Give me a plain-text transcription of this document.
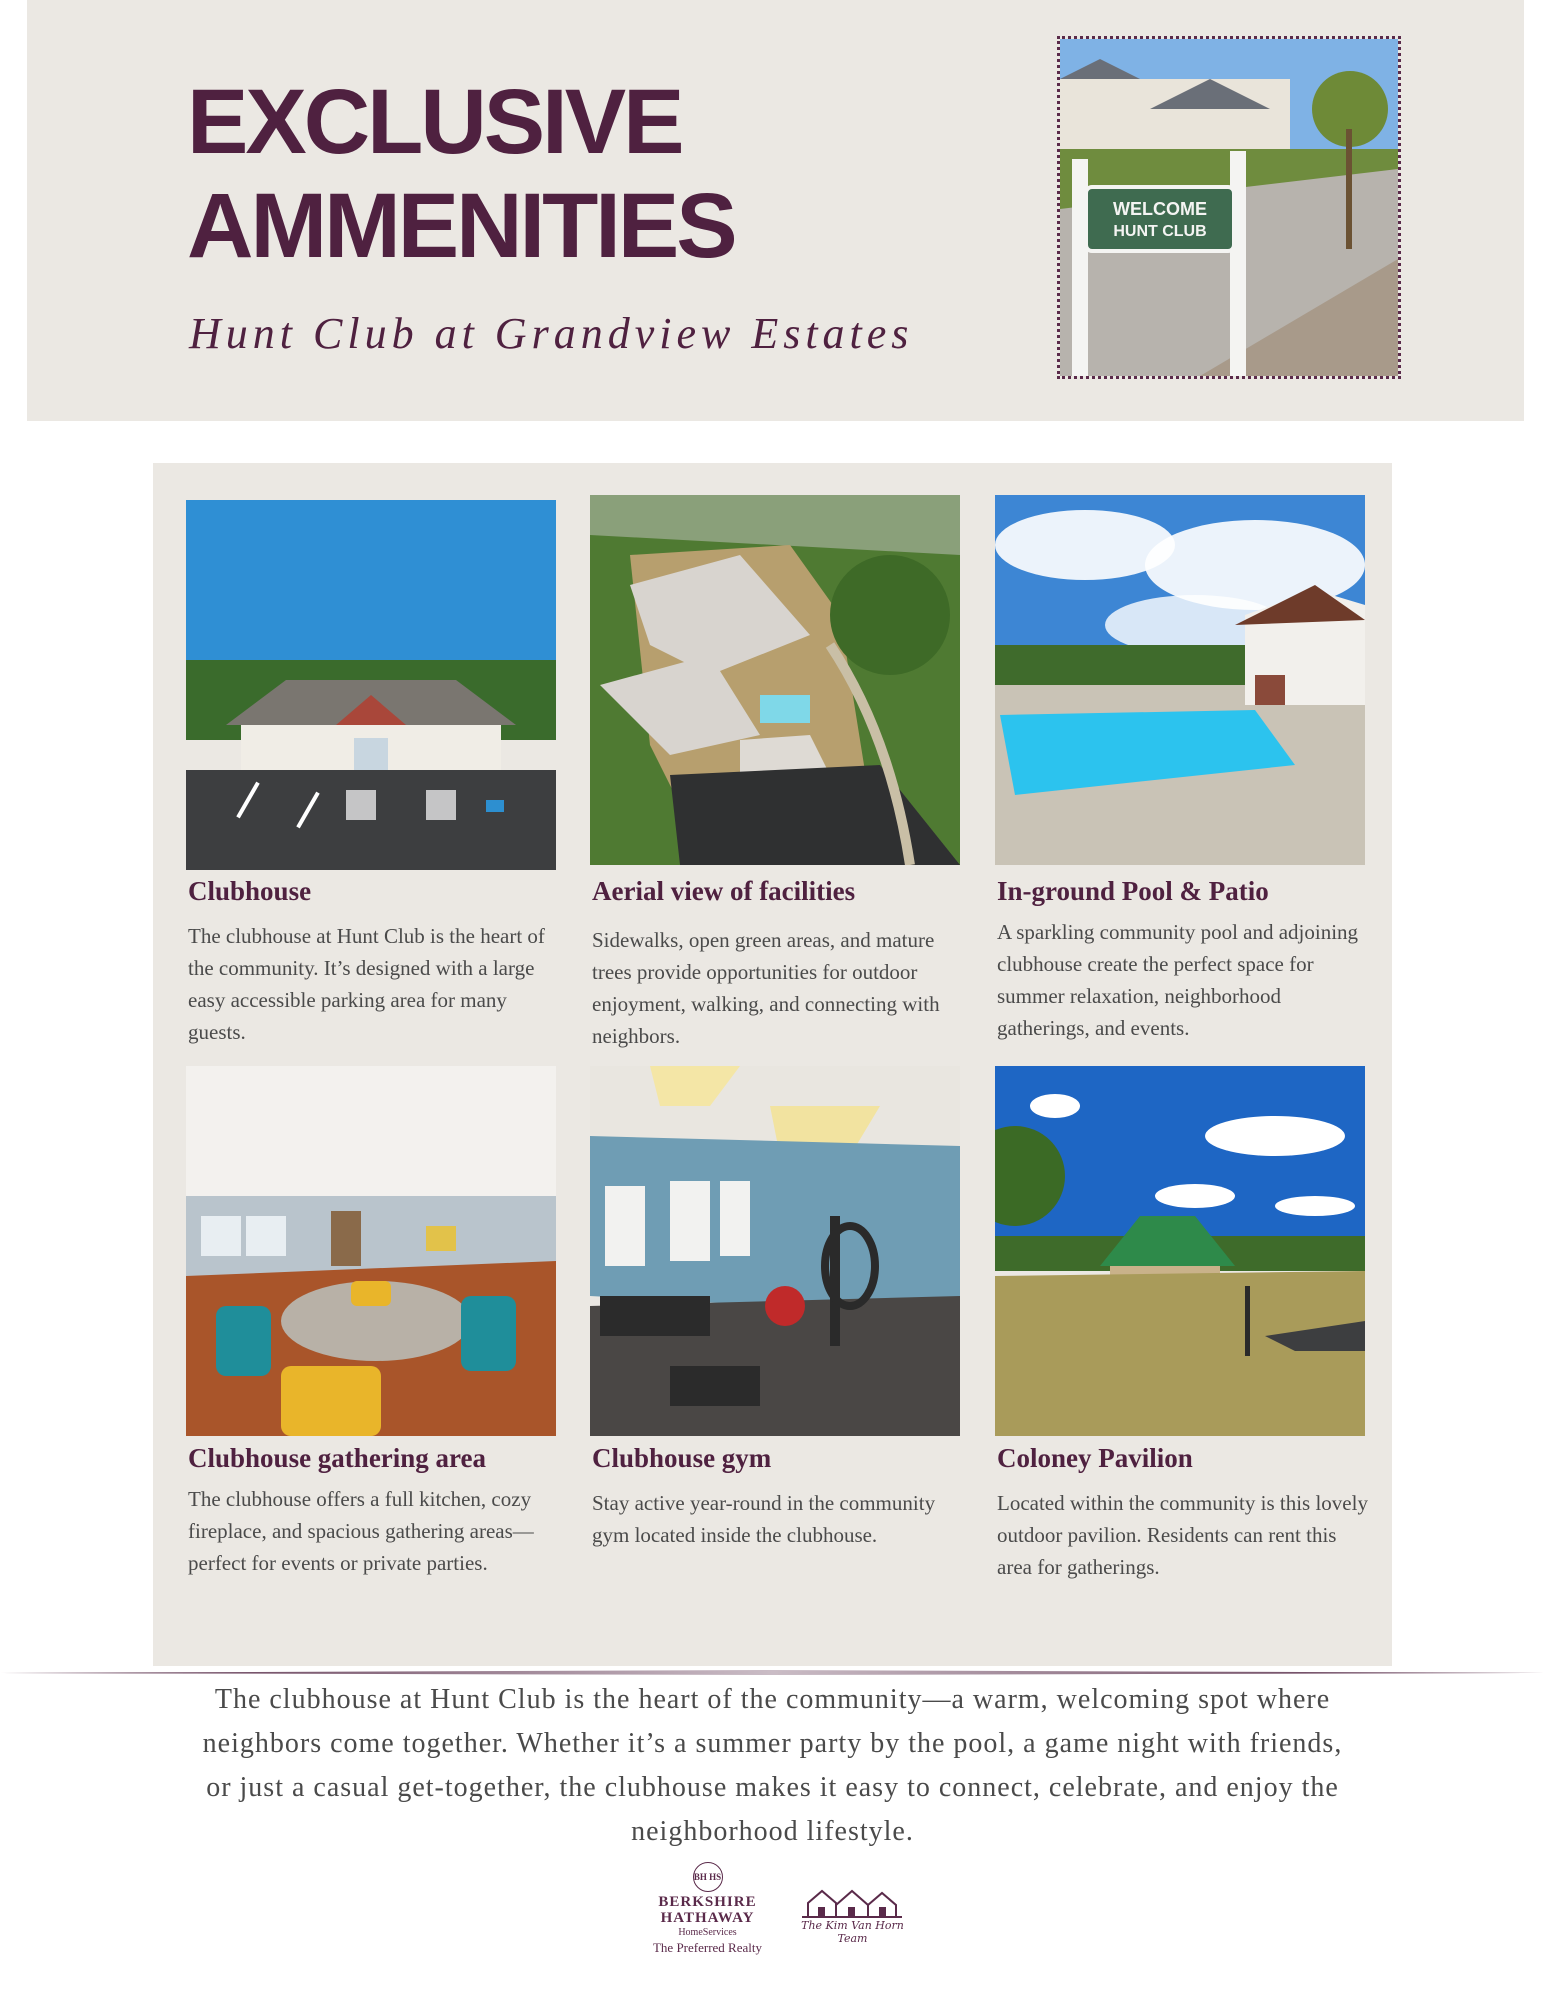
EXCLUSIVE
AMMENITIES
Hunt Club at Grandview Estates
WELCOME
HUNT CLUB
Clubhouse
The clubhouse at Hunt Club is the heart of the community. It’s designed with a large easy accessible parking area for many guests.
Aerial view of facilities
Sidewalks, open green areas, and mature trees provide opportunities for outdoor enjoyment, walking, and connecting with neighbors.
In-ground Pool & Patio
A sparkling community pool and adjoining clubhouse create the perfect space for summer relaxation, neighborhood gatherings, and events.
Clubhouse gathering area
The clubhouse offers a full kitchen, cozy fireplace, and spacious gathering areas—perfect for events or private parties.
Clubhouse gym
Stay active year-round in the community gym located inside the clubhouse.
Coloney Pavilion
Located within the community is this lovely outdoor pavilion. Residents can rent this area for gatherings.
The clubhouse at Hunt Club is the heart of the community—a warm, welcoming spot where neighbors come together. Whether it’s a summer party by the pool, a game night with friends, or just a casual get-together, the clubhouse makes it easy to connect, celebrate, and enjoy the neighborhood lifestyle.
BH HS
BERKSHIRE
HATHAWAY
HomeServices
The Preferred Realty
The Kim Van Horn Team
